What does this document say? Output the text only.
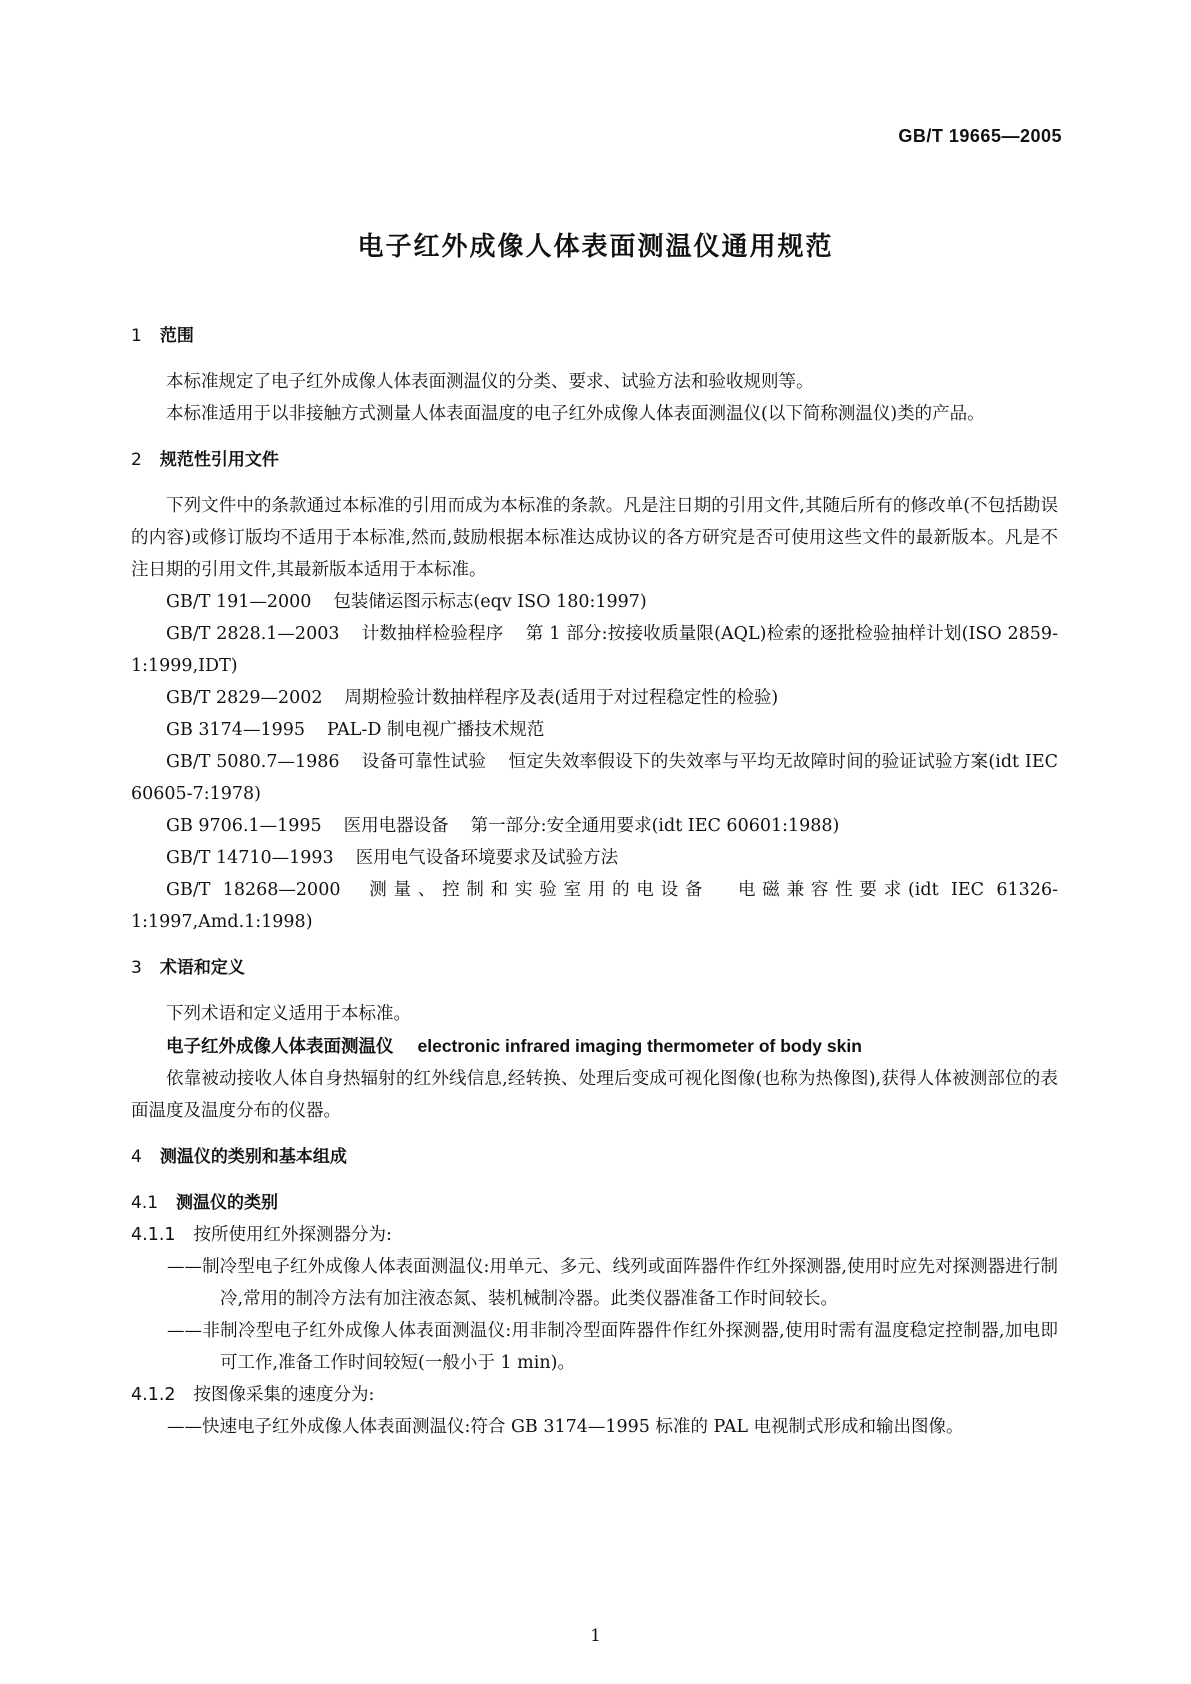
GB/T 19665—2005
电子红外成像人体表面测温仪通用规范
1 范围
本标准规定了电子红外成像人体表面测温仪的分类、要求、试验方法和验收规则等。
本标准适用于以非接触方式测量人体表面温度的电子红外成像人体表面测温仪(以下简称测温仪)类的产品。
2 规范性引用文件
下列文件中的条款通过本标准的引用而成为本标准的条款。凡是注日期的引用文件,其随后所有的修改单(不包括勘误的内容)或修订版均不适用于本标准,然而,鼓励根据本标准达成协议的各方研究是否可使用这些文件的最新版本。凡是不注日期的引用文件,其最新版本适用于本标准。
GB/T 191—2000 包装储运图示标志(eqv ISO 180:1997)
GB/T 2828.1—2003 计数抽样检验程序 第 1 部分:按接收质量限(AQL)检索的逐批检验抽样计划(ISO 2859-1:1999,IDT)
GB/T 2829—2002 周期检验计数抽样程序及表(适用于对过程稳定性的检验)
GB 3174—1995 PAL-D 制电视广播技术规范
GB/T 5080.7—1986 设备可靠性试验 恒定失效率假设下的失效率与平均无故障时间的验证试验方案(idt IEC 60605-7:1978)
GB 9706.1—1995 医用电器设备 第一部分:安全通用要求(idt IEC 60601:1988)
GB/T 14710—1993 医用电气设备环境要求及试验方法
GB/T 18268—2000 测量、控制和实验室用的电设备 电磁兼容性要求(idt IEC 61326-1:1997,Amd.1:1998)
3 术语和定义
下列术语和定义适用于本标准。
电子红外成像人体表面测温仪 electronic infrared imaging thermometer of body skin
依靠被动接收人体自身热辐射的红外线信息,经转换、处理后变成可视化图像(也称为热像图),获得人体被测部位的表面温度及温度分布的仪器。
4 测温仪的类别和基本组成
4.1 测温仪的类别
4.1.1 按所使用红外探测器分为:
——制冷型电子红外成像人体表面测温仪:用单元、多元、线列或面阵器件作红外探测器,使用时应先对探测器进行制冷,常用的制冷方法有加注液态氮、装机械制冷器。此类仪器准备工作时间较长。
——非制冷型电子红外成像人体表面测温仪:用非制冷型面阵器件作红外探测器,使用时需有温度稳定控制器,加电即可工作,准备工作时间较短(一般小于 1 min)。
4.1.2 按图像采集的速度分为:
——快速电子红外成像人体表面测温仪:符合 GB 3174—1995 标准的 PAL 电视制式形成和输出图像。
1
